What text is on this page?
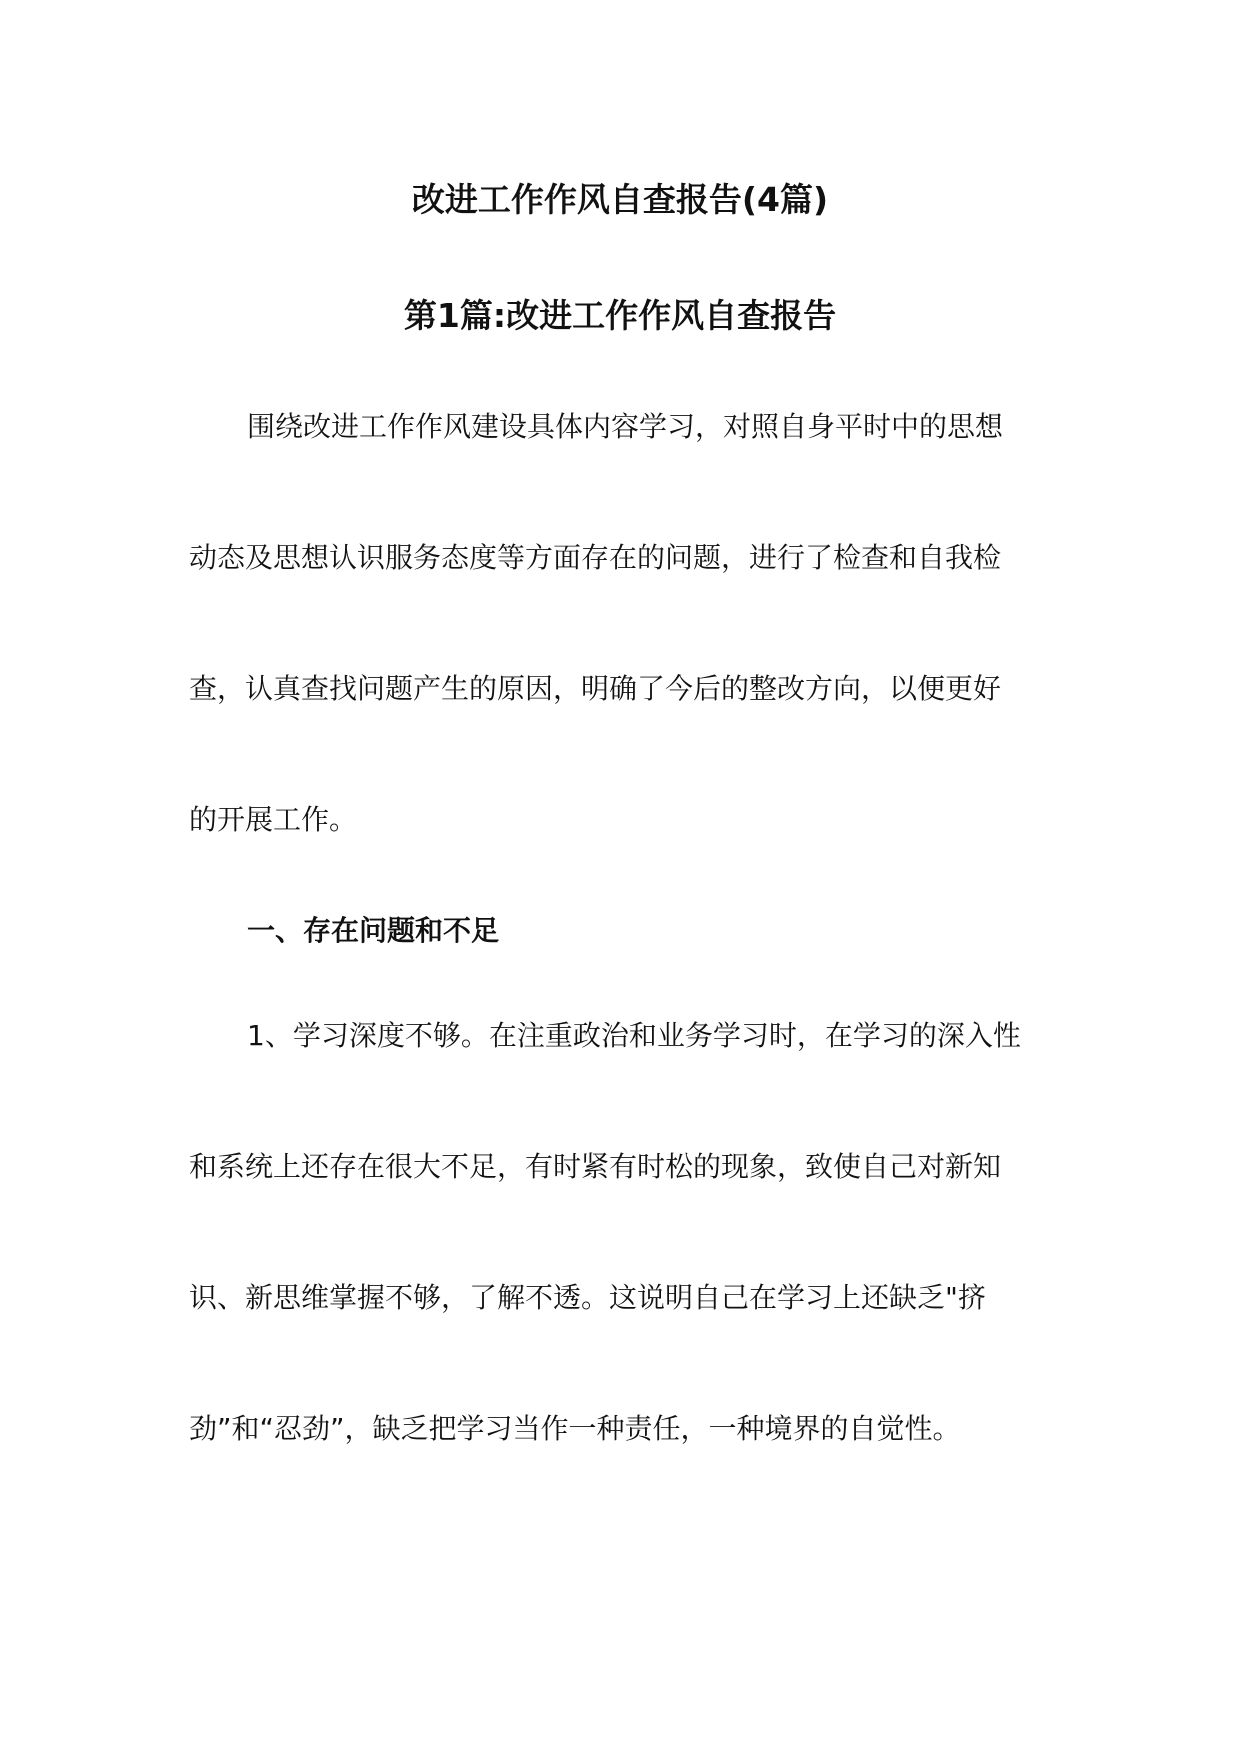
改进工作作风自查报告(4篇)
第1篇:改进工作作风自查报告

围绕改进工作作风建设具体内容学习，对照自身平时中的思想

动态及思想认识服务态度等方面存在的问题，进行了检查和自我检

查，认真查找问题产生的原因，明确了今后的整改方向，以便更好

的开展工作。

一、存在问题和不足

1、学习深度不够。在注重政治和业务学习时，在学习的深入性

和系统上还存在很大不足，有时紧有时松的现象，致使自己对新知

识、新思维掌握不够，了解不透。这说明自己在学习上还缺乏"挤

劲”和“忍劲”，缺乏把学习当作一种责任，一种境界的自觉性。
